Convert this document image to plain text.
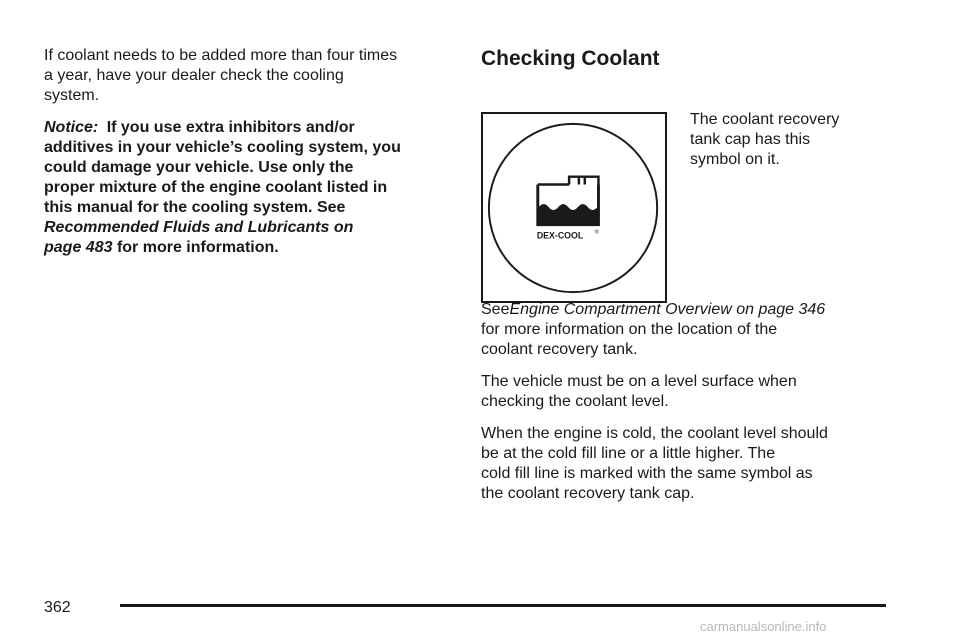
If coolant needs to be added more than four times
a year, have your dealer check the cooling
system.

Notice: If you use extra inhibitors and/or
additives in your vehicle’s cooling system, you
could damage your vehicle. Use only the
proper mixture of the engine coolant listed in
this manual for the cooling system. See
Recommended Fluids and Lubricants on
page 483 for more information.

Checking Coolant
DEX-COOL ®
The coolant recovery
tank cap has this
symbol on it.

SeeEngine Compartment Overview on page 346
for more information on the location of the
coolant recovery tank.

The vehicle must be on a level surface when
checking the coolant level.

When the engine is cold, the coolant level should
be at the cold fill line or a little higher. The
cold fill line is marked with the same symbol as
the coolant recovery tank cap.

362
carmanualsonline.info
